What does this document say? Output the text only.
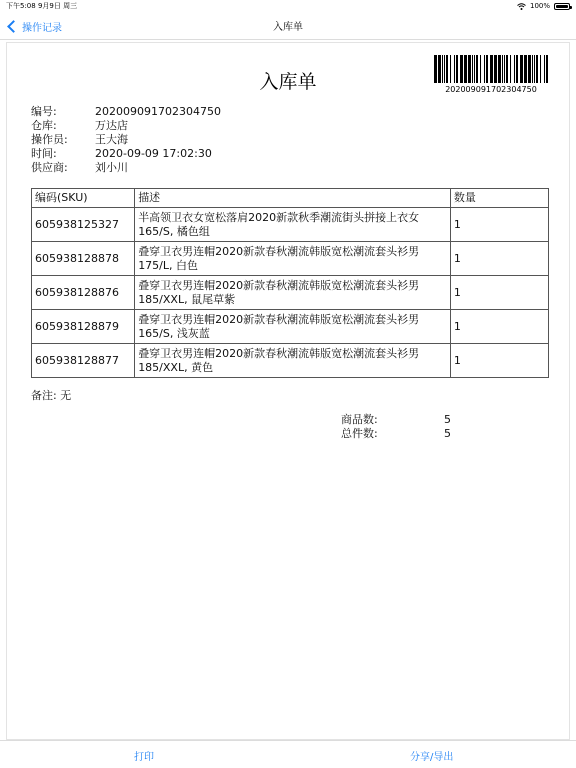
下午5:08 9月9日 周三	100%
操作记录	入库单
入库单	202009091702304750
编号:	202009091702304750
仓库:	万达店
操作员:	王大海
时间:	2020-09-09 17:02:30
供应商:	刘小川
编码(SKU)	描述	数量
605938125327	半高领卫衣女宽松落肩2020新款秋季潮流街头拼接上衣女 165/S, 橘色组	1
605938128878	叠穿卫衣男连帽2020新款春秋潮流韩版宽松潮流套头衫男 175/L, 白色	1
605938128876	叠穿卫衣男连帽2020新款春秋潮流韩版宽松潮流套头衫男 185/XXL, 鼠尾草紫	1
605938128879	叠穿卫衣男连帽2020新款春秋潮流韩版宽松潮流套头衫男 165/S, 浅灰蓝	1
605938128877	叠穿卫衣男连帽2020新款春秋潮流韩版宽松潮流套头衫男 185/XXL, 黄色	1
备注: 无
商品数:	5
总件数:	5
打印	分享/导出
